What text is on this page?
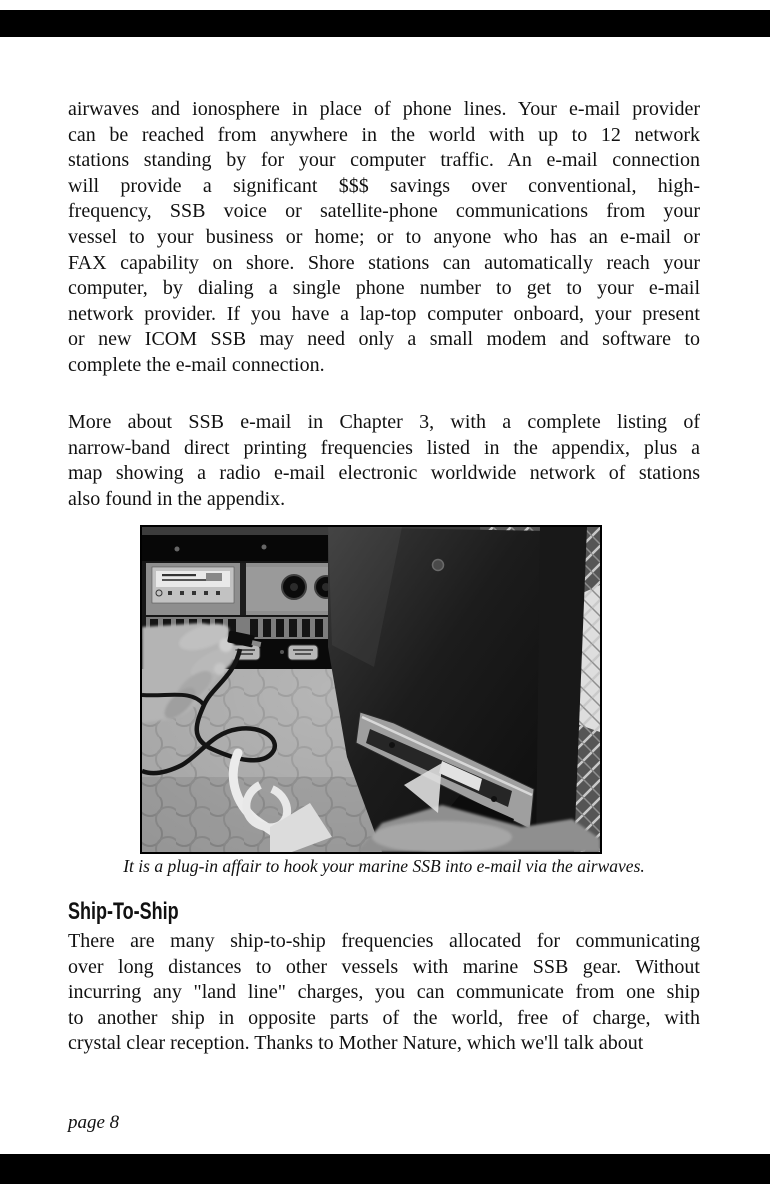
airwaves and ionosphere in place of phone lines. Your e-mail provider
can be reached from anywhere in the world with up to 12 network
stations standing by for your computer traffic. An e-mail connection
will provide a significant $$$ savings over conventional, high-
frequency, SSB voice or satellite-phone communications from your
vessel to your business or home; or to anyone who has an e-mail or
FAX capability on shore. Shore stations can automatically reach your
computer, by dialing a single phone number to get to your e-mail
network provider. If you have a lap-top computer onboard, your present
or new ICOM SSB may need only a small modem and software to
complete the e-mail connection.
More about SSB e-mail in Chapter 3, with a complete listing of
narrow-band direct printing frequencies listed in the appendix, plus a
map showing a radio e-mail electronic worldwide network of stations
also found in the appendix.
It is a plug-in affair to hook your marine SSB into e-mail via the airwaves.
Ship-To-Ship
There are many ship-to-ship frequencies allocated for communicating
over long distances to other vessels with marine SSB gear. Without
incurring any "land line" charges, you can communicate from one ship
to another ship in opposite parts of the world, free of charge, with
crystal clear reception. Thanks to Mother Nature, which we'll talk about
page 8
